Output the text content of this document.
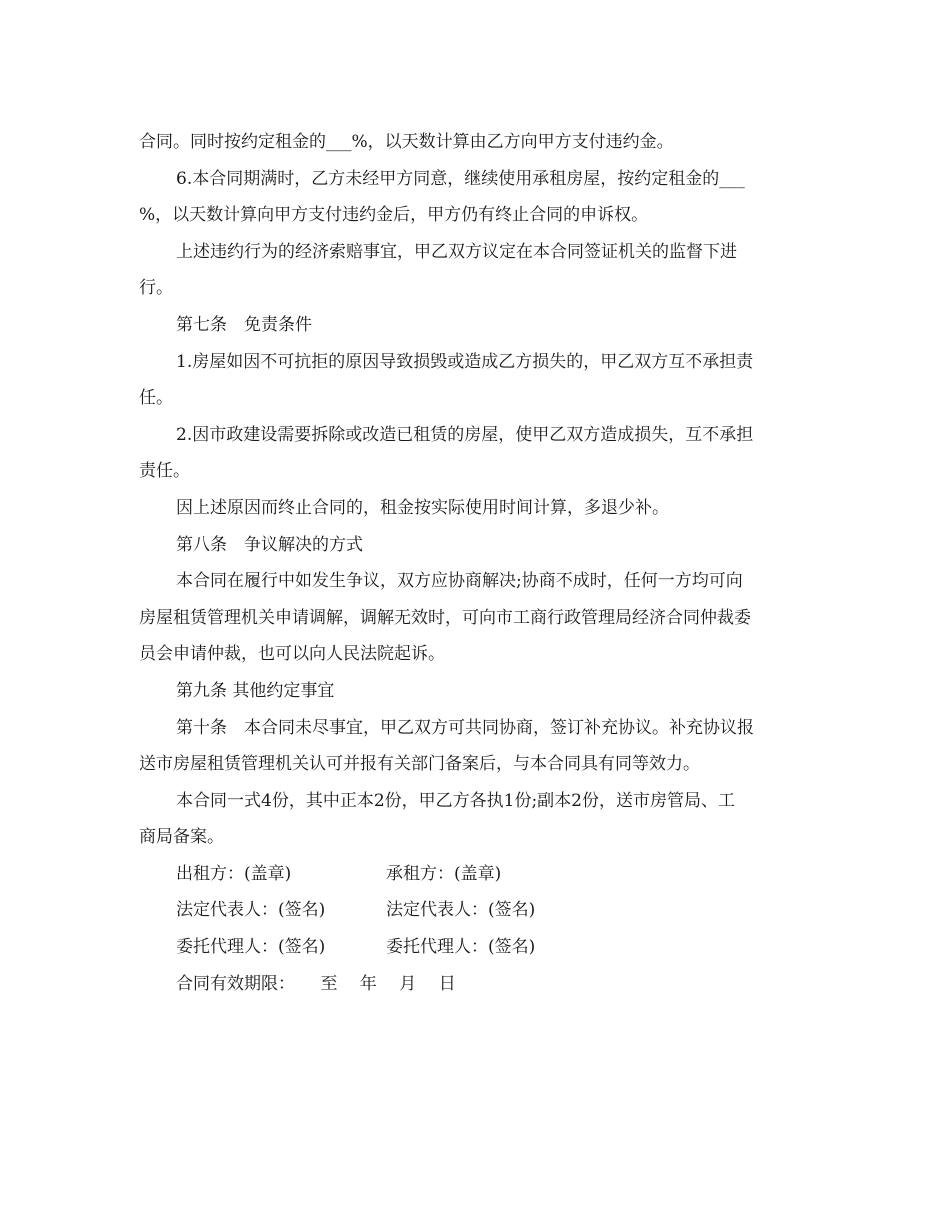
合同。同时按约定租金的___%，以天数计算由乙方向甲方支付违约金。
6.本合同期满时，乙方未经甲方同意，继续使用承租房屋，按约定租金的___
%，以天数计算向甲方支付违约金后，甲方仍有终止合同的申诉权。
上述违约行为的经济索赔事宜，甲乙双方议定在本合同签证机关的监督下进
行。
第七条　免责条件
1.房屋如因不可抗拒的原因导致损毁或造成乙方损失的，甲乙双方互不承担责
任。
2.因市政建设需要拆除或改造已租赁的房屋，使甲乙双方造成损失，互不承担
责任。
因上述原因而终止合同的，租金按实际使用时间计算，多退少补。
第八条　争议解决的方式
本合同在履行中如发生争议，双方应协商解决;协商不成时，任何一方均可向
房屋租赁管理机关申请调解，调解无效时，可向市工商行政管理局经济合同仲裁委
员会申请仲裁，也可以向人民法院起诉。
第九条 其他约定事宜
第十条　本合同未尽事宜，甲乙双方可共同协商，签订补充协议。补充协议报
送市房屋租赁管理机关认可并报有关部门备案后，与本合同具有同等效力。
本合同一式4份，其中正本2份，甲乙方各执1份;副本2份，送市房管局、工
商局备案。
出租方：(盖章)	承租方：(盖章)
法定代表人：(签名)	法定代表人：(签名)
委托代理人：(签名)	委托代理人：(签名)
合同有效期限：　　至　 年　 月　 日
